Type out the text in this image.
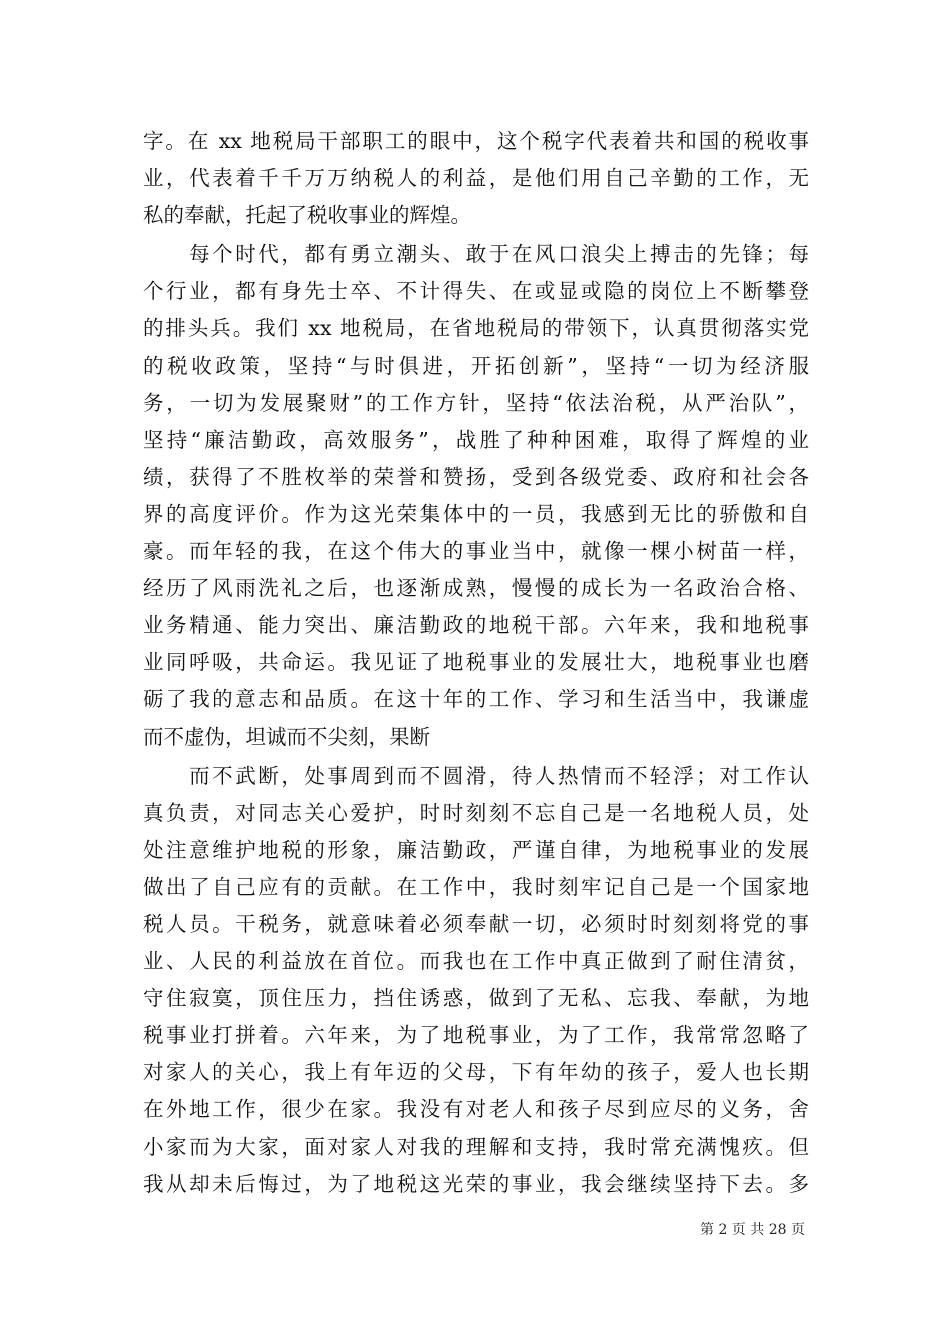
字。在 xx 地税局干部职工的眼中，这个税字代表着共和国的税收事
业，代表着千千万万纳税人的利益，是他们用自己辛勤的工作，无
私的奉献，托起了税收事业的辉煌。
　　每个时代，都有勇立潮头、敢于在风口浪尖上搏击的先锋；每
个行业，都有身先士卒、不计得失、在或显或隐的岗位上不断攀登
的排头兵。我们 xx 地税局，在省地税局的带领下，认真贯彻落实党
的税收政策，坚持“与时俱进，开拓创新”，坚持“一切为经济服
务，一切为发展聚财”的工作方针，坚持“依法治税，从严治队”，
坚持“廉洁勤政，高效服务”，战胜了种种困难，取得了辉煌的业
绩，获得了不胜枚举的荣誉和赞扬，受到各级党委、政府和社会各
界的高度评价。作为这光荣集体中的一员，我感到无比的骄傲和自
豪。而年轻的我，在这个伟大的事业当中，就像一棵小树苗一样，
经历了风雨洗礼之后，也逐渐成熟，慢慢的成长为一名政治合格、
业务精通、能力突出、廉洁勤政的地税干部。六年来，我和地税事
业同呼吸，共命运。我见证了地税事业的发展壮大，地税事业也磨
砺了我的意志和品质。在这十年的工作、学习和生活当中，我谦虚
而不虚伪，坦诚而不尖刻，果断
　　而不武断，处事周到而不圆滑，待人热情而不轻浮；对工作认
真负责，对同志关心爱护，时时刻刻不忘自己是一名地税人员，处
处注意维护地税的形象，廉洁勤政，严谨自律，为地税事业的发展
做出了自己应有的贡献。在工作中，我时刻牢记自己是一个国家地
税人员。干税务，就意味着必须奉献一切，必须时时刻刻将党的事
业、人民的利益放在首位。而我也在工作中真正做到了耐住清贫，
守住寂寞，顶住压力，挡住诱惑，做到了无私、忘我、奉献，为地
税事业打拼着。六年来，为了地税事业，为了工作，我常常忽略了
对家人的关心，我上有年迈的父母，下有年幼的孩子，爱人也长期
在外地工作，很少在家。我没有对老人和孩子尽到应尽的义务，舍
小家而为大家，面对家人对我的理解和支持，我时常充满愧疚。但
我从却未后悔过，为了地税这光荣的事业，我会继续坚持下去。多
第 2 页 共 28 页
